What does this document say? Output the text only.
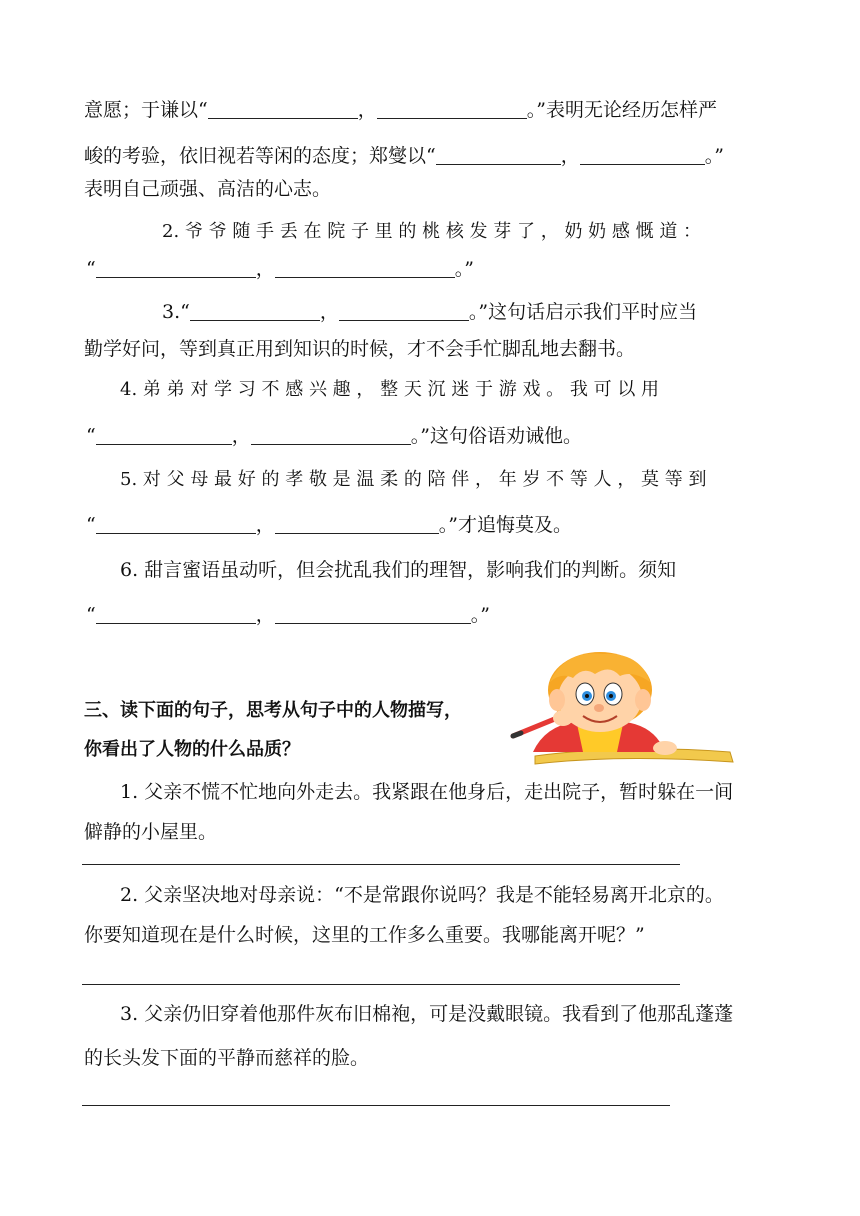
意愿；于谦以“	，	。”表明无论经历怎样严
峻的考验，依旧视若等闲的态度；郑燮以“	，	。”
表明自己顽强、高洁的心志。
2. 爷 爷 随 手 丢 在 院 子 里 的 桃 核 发 芽 了 ， 奶 奶 感 慨 道 ：
“	，	。”
3.“	，	。”这句话启示我们平时应当
勤学好问，等到真正用到知识的时候，才不会手忙脚乱地去翻书。
4. 弟 弟 对 学 习 不 感 兴 趣 ， 整 天 沉 迷 于 游 戏 。 我 可 以 用
“	，	。”这句俗语劝诫他。
5. 对 父 母 最 好 的 孝 敬 是 温 柔 的 陪 伴 ， 年 岁 不 等 人 ， 莫 等 到
“	，	。”才追悔莫及。
6. 甜言蜜语虽动听，但会扰乱我们的理智，影响我们的判断。须知
“	，	。”
三、读下面的句子，思考从句子中的人物描写，
你看出了人物的什么品质？
1. 父亲不慌不忙地向外走去。我紧跟在他身后，走出院子，暂时躲在一间
僻静的小屋里。
2. 父亲坚决地对母亲说：“不是常跟你说吗？我是不能轻易离开北京的。
你要知道现在是什么时候，这里的工作多么重要。我哪能离开呢？”
3. 父亲仍旧穿着他那件灰布旧棉袍，可是没戴眼镜。我看到了他那乱蓬蓬
的长头发下面的平静而慈祥的脸。
